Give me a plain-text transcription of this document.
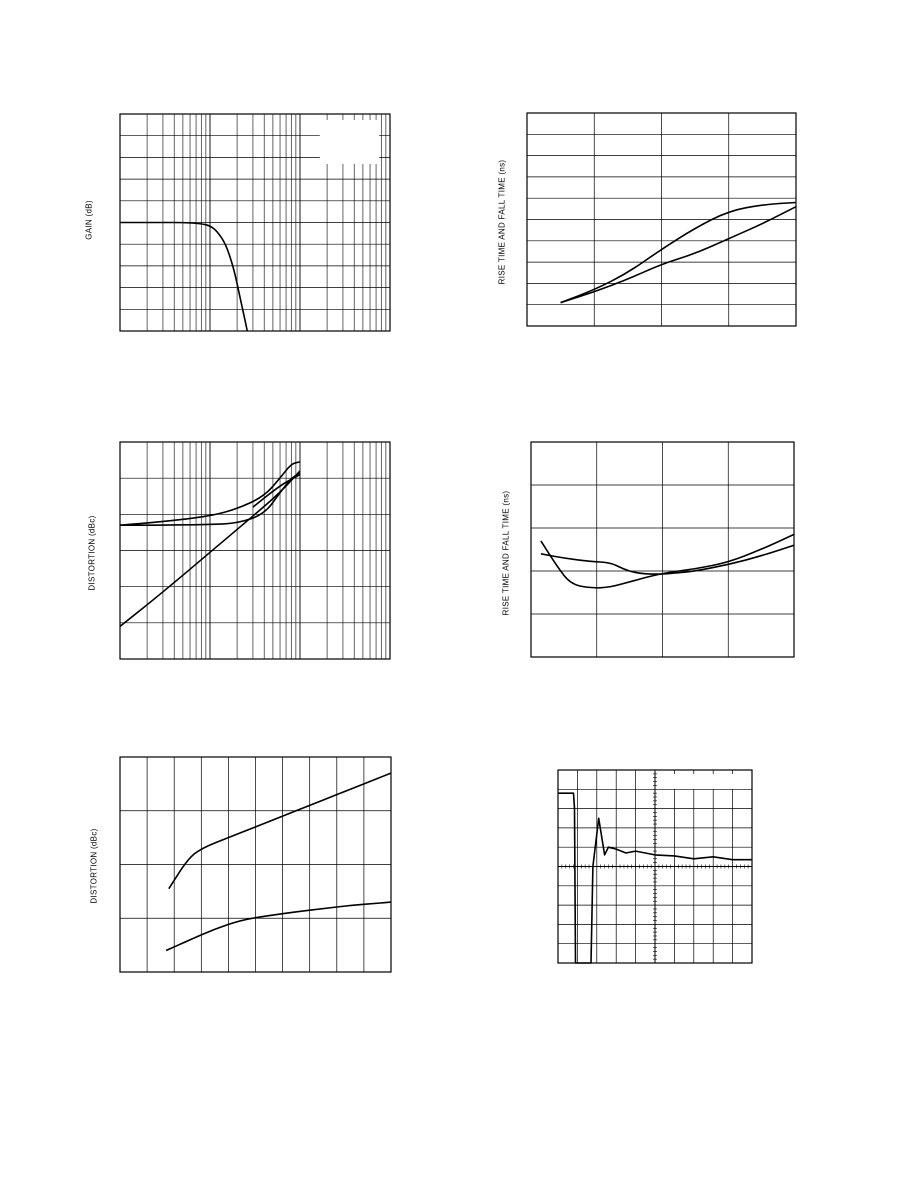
GAIN (dB)	RISE TIME AND FALL TIME (ns)
DISTORTION (dBc)	RISE TIME AND FALL TIME (ns)
DISTORTION (dBc)
